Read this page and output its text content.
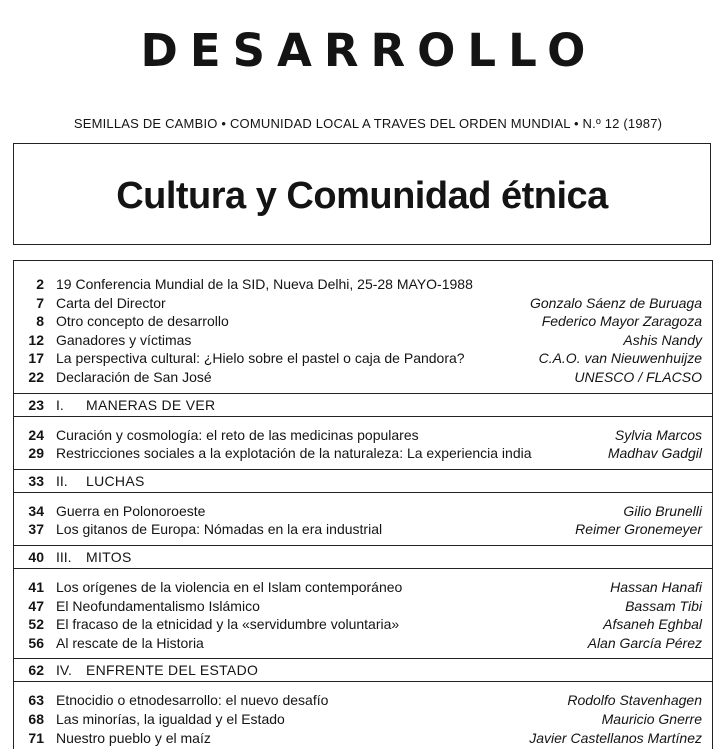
DESARROLLO
SEMILLAS DE CAMBIO • COMUNIDAD LOCAL A TRAVES DEL ORDEN MUNDIAL • N.º 12 (1987)
Cultura y Comunidad étnica
2 19 Conferencia Mundial de la SID, Nueva Delhi, 25-28 MAYO-1988
7 Carta del Director	Gonzalo Sáenz de Buruaga
8 Otro concepto de desarrollo	Federico Mayor Zaragoza
12 Ganadores y víctimas	Ashis Nandy
17 La perspectiva cultural: ¿Hielo sobre el pastel o caja de Pandora?	C.A.O. van Nieuwenhuijze
22 Declaración de San José	UNESCO / FLACSO
23 I.	MANERAS DE VER
24 Curación y cosmología: el reto de las medicinas populares	Sylvia Marcos
29 Restricciones sociales a la explotación de la naturaleza: La experiencia india	Madhav Gadgil
33 II.	LUCHAS
34 Guerra en Polonoroeste	Gilio Brunelli
37 Los gitanos de Europa: Nómadas en la era industrial	Reimer Gronemeyer
40 III.	MITOS
41 Los orígenes de la violencia en el Islam contemporáneo	Hassan Hanafi
47 El Neofundamentalismo Islámico	Bassam Tibi
52 El fracaso de la etnicidad y la «servidumbre voluntaria»	Afsaneh Eghbal
56 Al rescate de la Historia	Alan García Pérez
62 IV.	ENFRENTE DEL ESTADO
63 Etnocidio o etnodesarrollo: el nuevo desafío	Rodolfo Stavenhagen
68 Las minorías, la igualdad y el Estado	Mauricio Gnerre
71 Nuestro pueblo y el maíz	Javier Castellanos Martínez
